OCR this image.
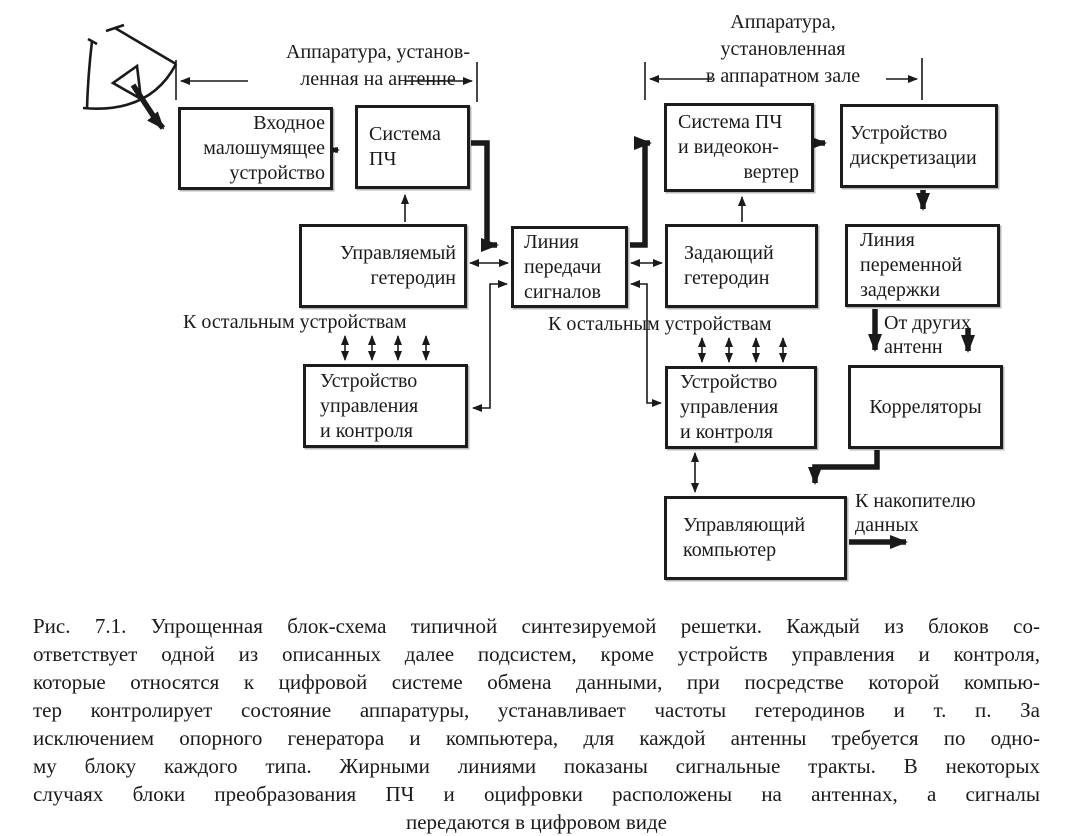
Аппаратура, установ-
ленная на антенне
Аппаратура,
установленная
в аппаратном зале
Входное
малошумящее
устройство
Система
ПЧ
Управляемый
гетеродин
Линия
передачи
сигналов
Система ПЧ
и видеокон-
вертер
Устройство
дискретизации
Задающий
гетеродин
Линия
переменной
задержки
Устройство
управления
и контроля
Устройство
управления
и контроля
Корреляторы
Управляющий
компьютер
К остальным устройствам	К остальным устройствам	От других
антенн
К накопителю
данных
Рис. 7.1. Упрощенная блок-схема типичной синтезируемой решетки. Каждый из блоков со-
ответствует одной из описанных далее подсистем, кроме устройств управления и контроля,
которые относятся к цифровой системе обмена данными, при посредстве которой компью-
тер контролирует состояние аппаратуры, устанавливает частоты гетеродинов и т. п. За
исключением опорного генератора и компьютера, для каждой антенны требуется по одно-
му блоку каждого типа. Жирными линиями показаны сигнальные тракты. В некоторых
случаях блоки преобразования ПЧ и оцифровки расположены на антеннах, а сигналы
передаются в цифровом виде
